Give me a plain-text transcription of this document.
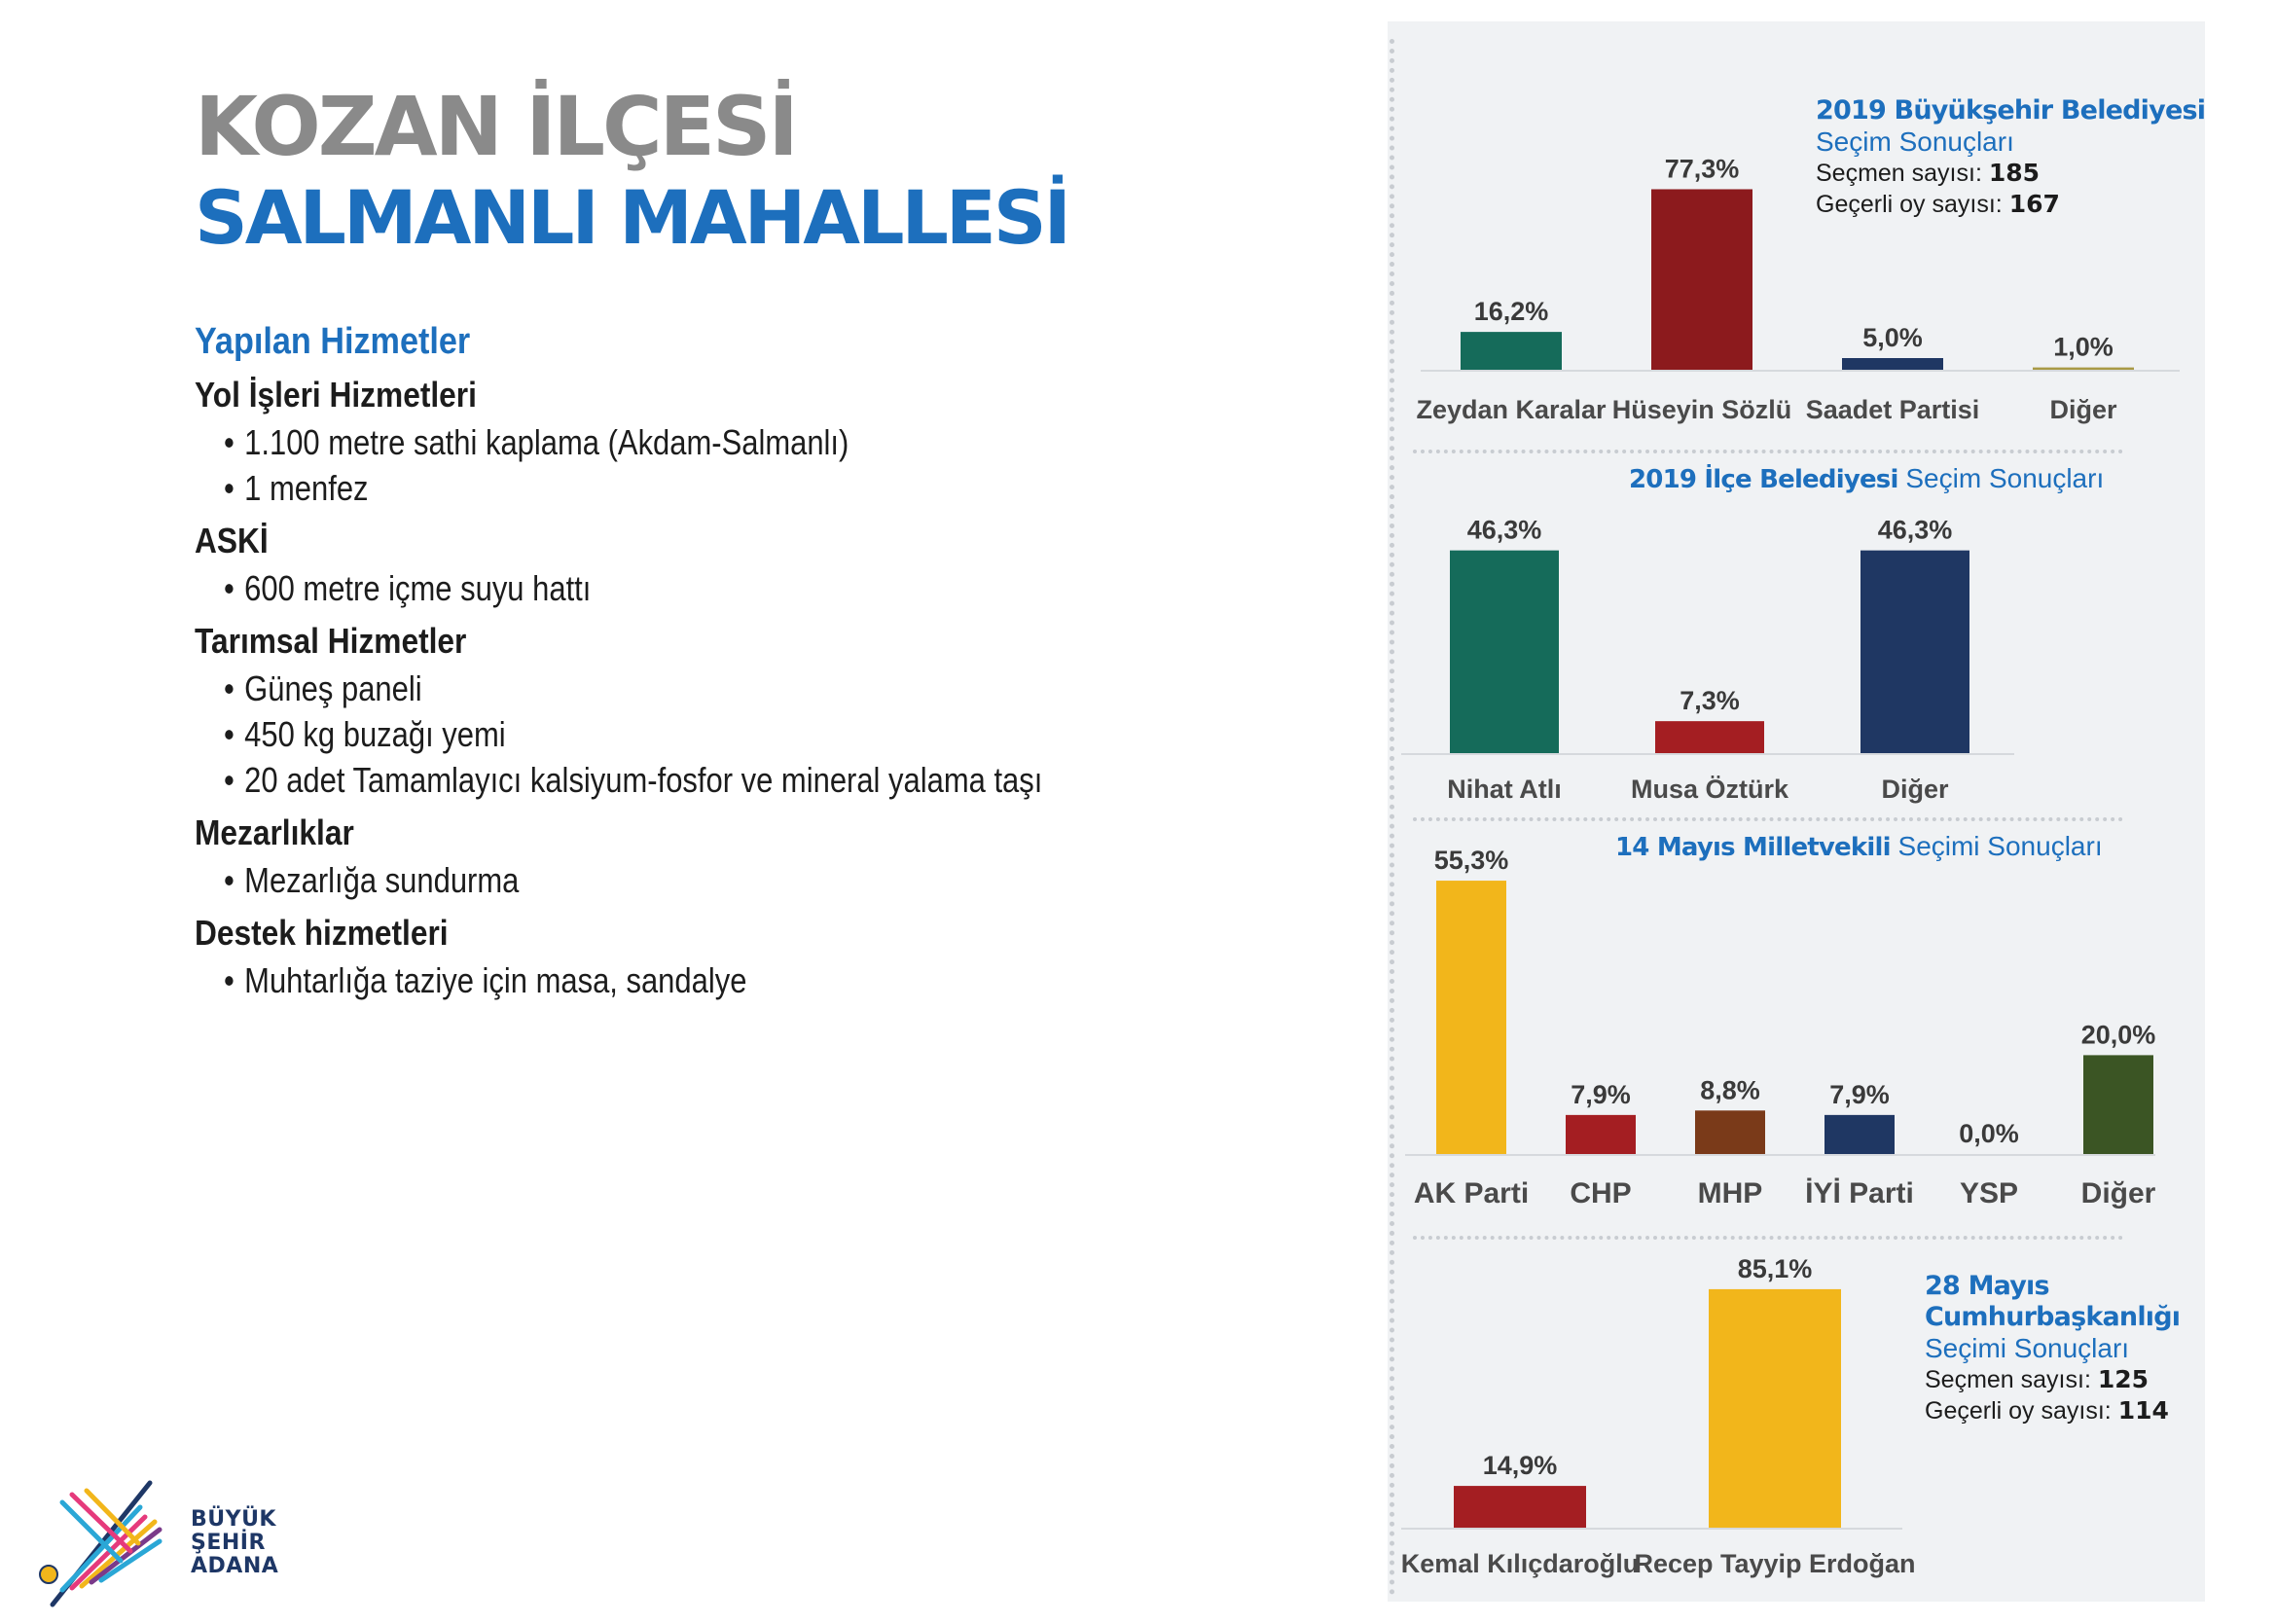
KOZAN İLÇESİ
SALMANLI MAHALLESİ
Yapılan Hizmetler
Yol İşleri Hizmetleri
• 1.100 metre sathi kaplama (Akdam-Salmanlı)
• 1 menfez
ASKİ
• 600 metre içme suyu hattı
Tarımsal Hizmetler
• Güneş paneli
• 450 kg buzağı yemi
• 20 adet Tamamlayıcı kalsiyum-fosfor ve mineral yalama taşı
Mezarlıklar
• Mezarlığa sundurma
Destek hizmetleri
• Muhtarlığa taziye için masa, sandalye
BÜYÜK
ŞEHİR
ADANA
16,2%
Zeydan Karalar
77,3%
Hüseyin Sözlü
5,0%
Saadet Partisi
1,0%
Diğer
46,3%
Nihat Atlı
7,3%
Musa Öztürk
46,3%
Diğer
55,3%
AK Parti
7,9%
CHP
8,8%
MHP
7,9%
İYİ Parti
0,0%
YSP
20,0%
Diğer
14,9%
Kemal Kılıçdaroğlu
85,1%
Recep Tayyip Erdoğan
2019 Büyükşehir Belediyesi
Seçim Sonuçları
Seçmen sayısı: 185
Geçerli oy sayısı: 167
2019 İlçe Belediyesi Seçim Sonuçları
14 Mayıs Milletvekili Seçimi Sonuçları
28 Mayıs
Cumhurbaşkanlığı
Seçimi Sonuçları
Seçmen sayısı: 125
Geçerli oy sayısı: 114
